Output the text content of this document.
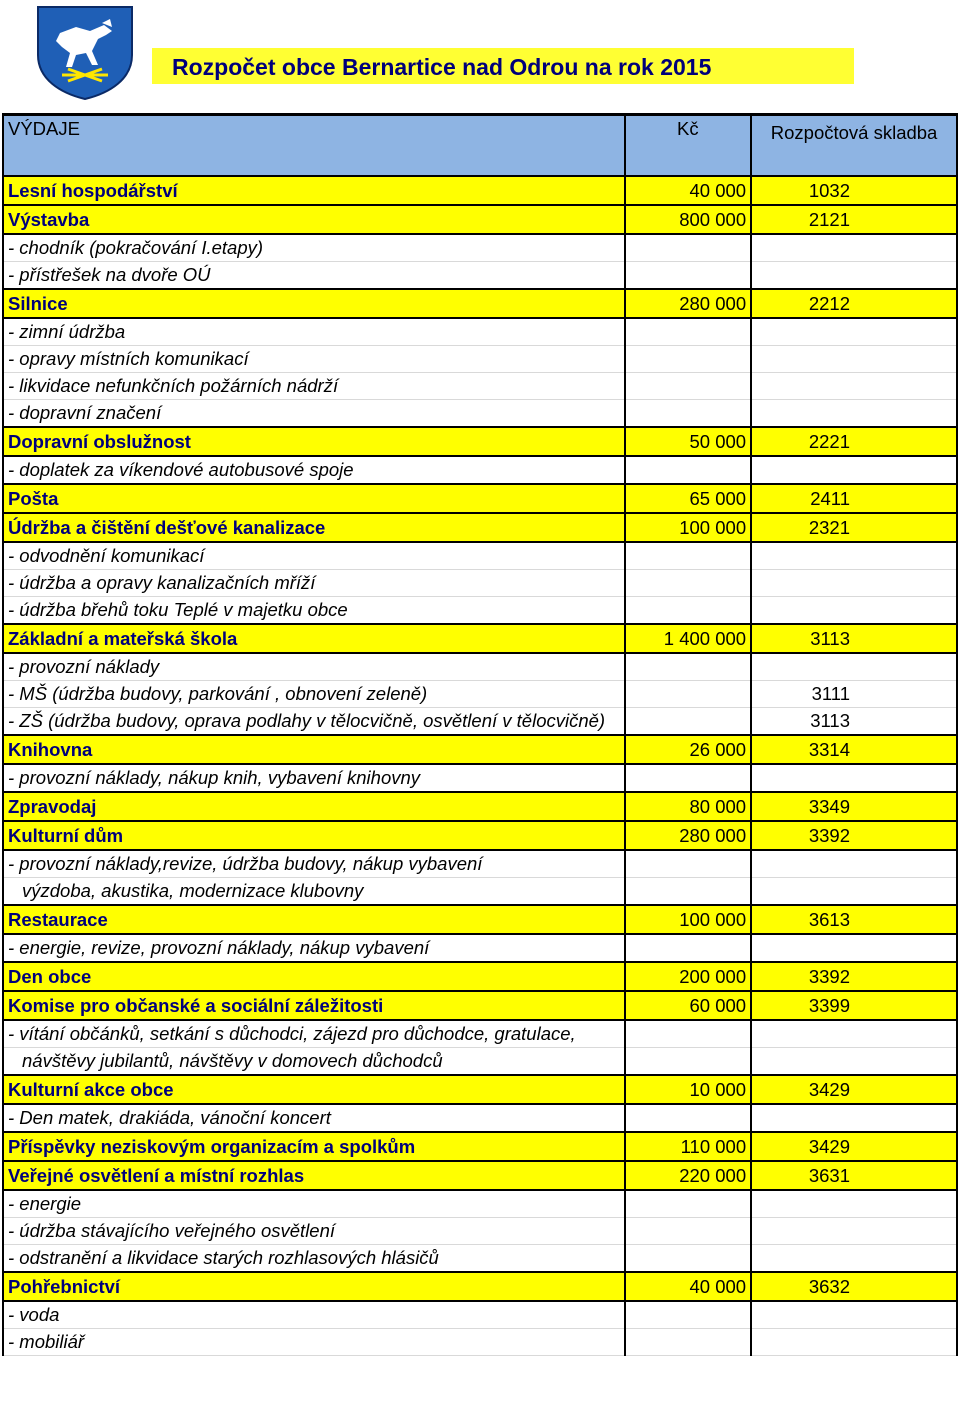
Rozpočet obce Bernartice nad Odrou na rok 2015
VÝDAJE	Kč	Rozpočtová skladba
Lesní hospodářství	40 000	1032
Výstavba	800 000	2121
- chodník (pokračování I.etapy)		
- přístřešek na dvoře OÚ		
Silnice	280 000	2212
- zimní údržba		
- opravy místních komunikací		
- likvidace nefunkčních požárních nádrží		
- dopravní značení		
Dopravní obslužnost	50 000	2221
- doplatek za víkendové autobusové spoje		
Pošta	65 000	2411
Údržba a čištění dešťové kanalizace	100 000	2321
- odvodnění komunikací		
- údržba a opravy kanalizačních mříží		
- údržba břehů toku Teplé v majetku obce		
Základní a mateřská škola	1 400 000	3113
- provozní náklady		
- MŠ (údržba budovy, parkování , obnovení zeleně)		3111
- ZŠ (údržba budovy, oprava podlahy v tělocvičně, osvětlení v tělocvičně)		3113
Knihovna	26 000	3314
- provozní náklady, nákup knih, vybavení knihovny		
Zpravodaj	80 000	3349
Kulturní dům	280 000	3392
- provozní náklady,revize, údržba budovy, nákup vybavení		
výzdoba, akustika, modernizace klubovny		
Restaurace	100 000	3613
- energie, revize, provozní náklady, nákup vybavení		
Den obce	200 000	3392
Komise pro občanské a sociální záležitosti	60 000	3399
- vítání občánků, setkání s důchodci, zájezd pro důchodce, gratulace,		
návštěvy jubilantů, návštěvy v domovech důchodců		
Kulturní akce obce	10 000	3429
- Den matek, drakiáda, vánoční koncert		
Příspěvky neziskovým organizacím a spolkům	110 000	3429
Veřejné osvětlení a místní rozhlas	220 000	3631
- energie		
- údržba stávajícího veřejného osvětlení		
- odstranění a likvidace starých rozhlasových hlásičů		
Pohřebnictví	40 000	3632
- voda		
- mobiliář		
